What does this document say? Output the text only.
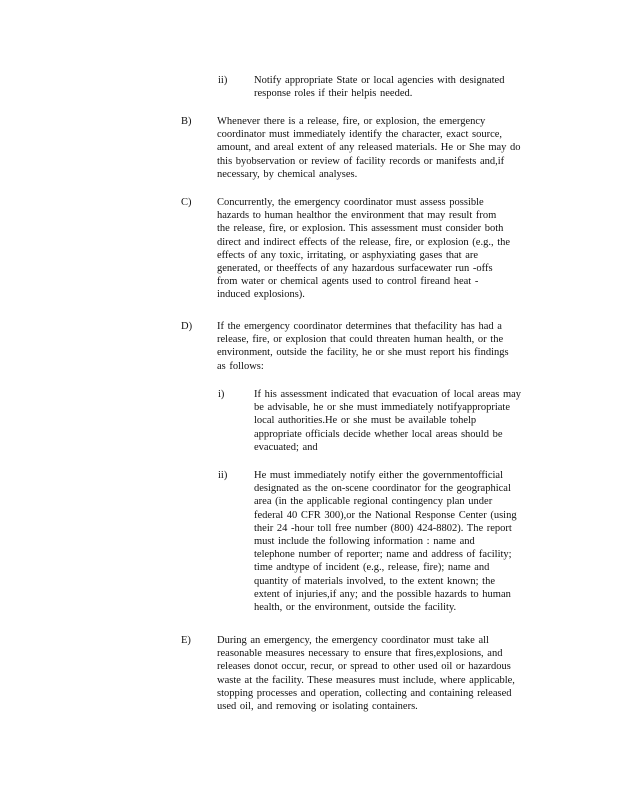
ii)	Notify appropriate State or local agencies with designated
response roles if their helpis needed.
B) Whenever there is a release, fire, or explosion, the emergency
coordinator must immediately identify the character, exact source,
amount, and areal extent of any released materials. He or She may do
this byobservation or review of facility records or manifests and,if
necessary, by chemical analyses.
C) Concurrently, the emergency coordinator must assess possible
hazards to human healthor the environment that may result from
the release, fire, or explosion. This assessment must consider both
direct and indirect effects of the release, fire, or explosion (e.g., the
effects of any toxic, irritating, or asphyxiating gases that are
generated, or theeffects of any hazardous surfacewater run -offs
from water or chemical agents used to control fireand heat -
induced explosions).
D) If the emergency coordinator determines that thefacility has had a
release, fire, or explosion that could threaten human health, or the
environment, outside the facility, he or she must report his findings
as follows:
i)	If his assessment indicated that evacuation of local areas may
be advisable, he or she must immediately notifyappropriate
local authorities.He or she must be available tohelp
appropriate officials decide whether local areas should be
evacuated; and
ii)	He must immediately notify either the governmentofficial
designated as the on-scene coordinator for the geographical
area (in the applicable regional contingency plan under
federal 40 CFR 300),or the National Response Center (using
their 24 -hour toll free number (800) 424-8802). The report
must include the following information : name and
telephone number of reporter; name and address of facility;
time andtype of incident (e.g., release, fire); name and
quantity of materials involved, to the extent known; the
extent of injuries,if any; and the possible hazards to human
health, or the environment, outside the facility.
E) During an emergency, the emergency coordinator must take all
reasonable measures necessary to ensure that fires,explosions, and
releases donot occur, recur, or spread to other used oil or hazardous
waste at the facility. These measures must include, where applicable,
stopping processes and operation, collecting and containing released
used oil, and removing or isolating containers.
